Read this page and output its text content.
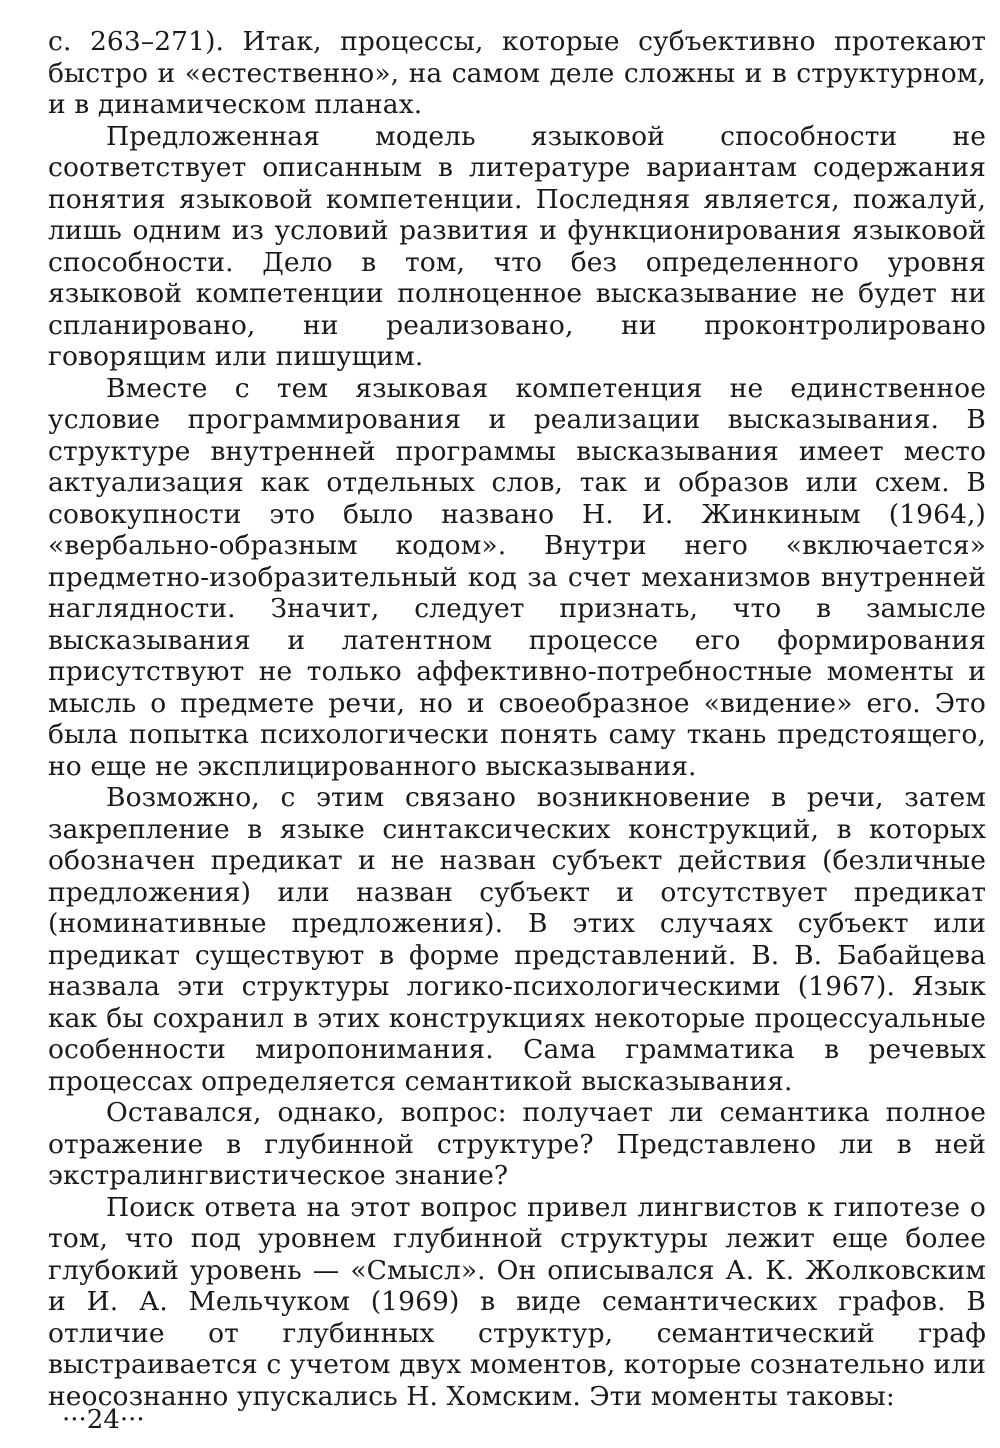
с. 263–271). Итак, процессы, которые субъективно протекают быстро и «естественно», на самом деле сложны и в структурном, и в динамическом планах.

Предложенная модель языковой способности не соответствует описанным в литературе вариантам содержания понятия языковой компетенции. Последняя является, пожалуй, лишь одним из условий развития и функционирования языковой способности. Дело в том, что без определенного уровня языковой компетенции полноценное высказывание не будет ни спланировано, ни реализовано, ни проконтролировано говорящим или пишущим.

Вместе с тем языковая компетенция не единственное условие программирования и реализации высказывания. В структуре внутренней программы высказывания имеет место актуализация как отдельных слов, так и образов или схем. В совокупности это было названо Н. И. Жинкиным (1964,) «вербально-образным кодом». Внутри него «включается» предметно-изобразительный код за счет механизмов внутренней наглядности. Значит, следует признать, что в замысле высказывания и латентном процессе его формирования присутствуют не только аффективно-потребностные моменты и мысль о предмете речи, но и своеобразное «видение» его. Это была попытка психологически понять саму ткань предстоящего, но еще не эксплицированного высказывания.

Возможно, с этим связано возникновение в речи, затем закрепление в языке синтаксических конструкций, в которых обозначен предикат и не назван субъект действия (безличные предложения) или назван субъект и отсутствует предикат (номинативные предложения). В этих случаях субъект или предикат существуют в форме представлений. В. В. Бабайцева назвала эти структуры логико-психологическими (1967). Язык как бы сохранил в этих конструкциях некоторые процессуальные особенности миропонимания. Сама грамматика в речевых процессах определяется семантикой высказывания.

Оставался, однако, вопрос: получает ли семантика полное отражение в глубинной структуре? Представлено ли в ней экстралингвистическое знание?

Поиск ответа на этот вопрос привел лингвистов к гипотезе о том, что под уровнем глубинной структуры лежит еще более глубокий уровень — «Смысл». Он описывался А. К. Жолковским и И. А. Мельчуком (1969) в виде семантических графов. В отличие от глубинных структур, семантический граф выстраивается с учетом двух моментов, которые сознательно или неосознанно упускались Н. Хомским. Эти моменты таковы:

···24···
